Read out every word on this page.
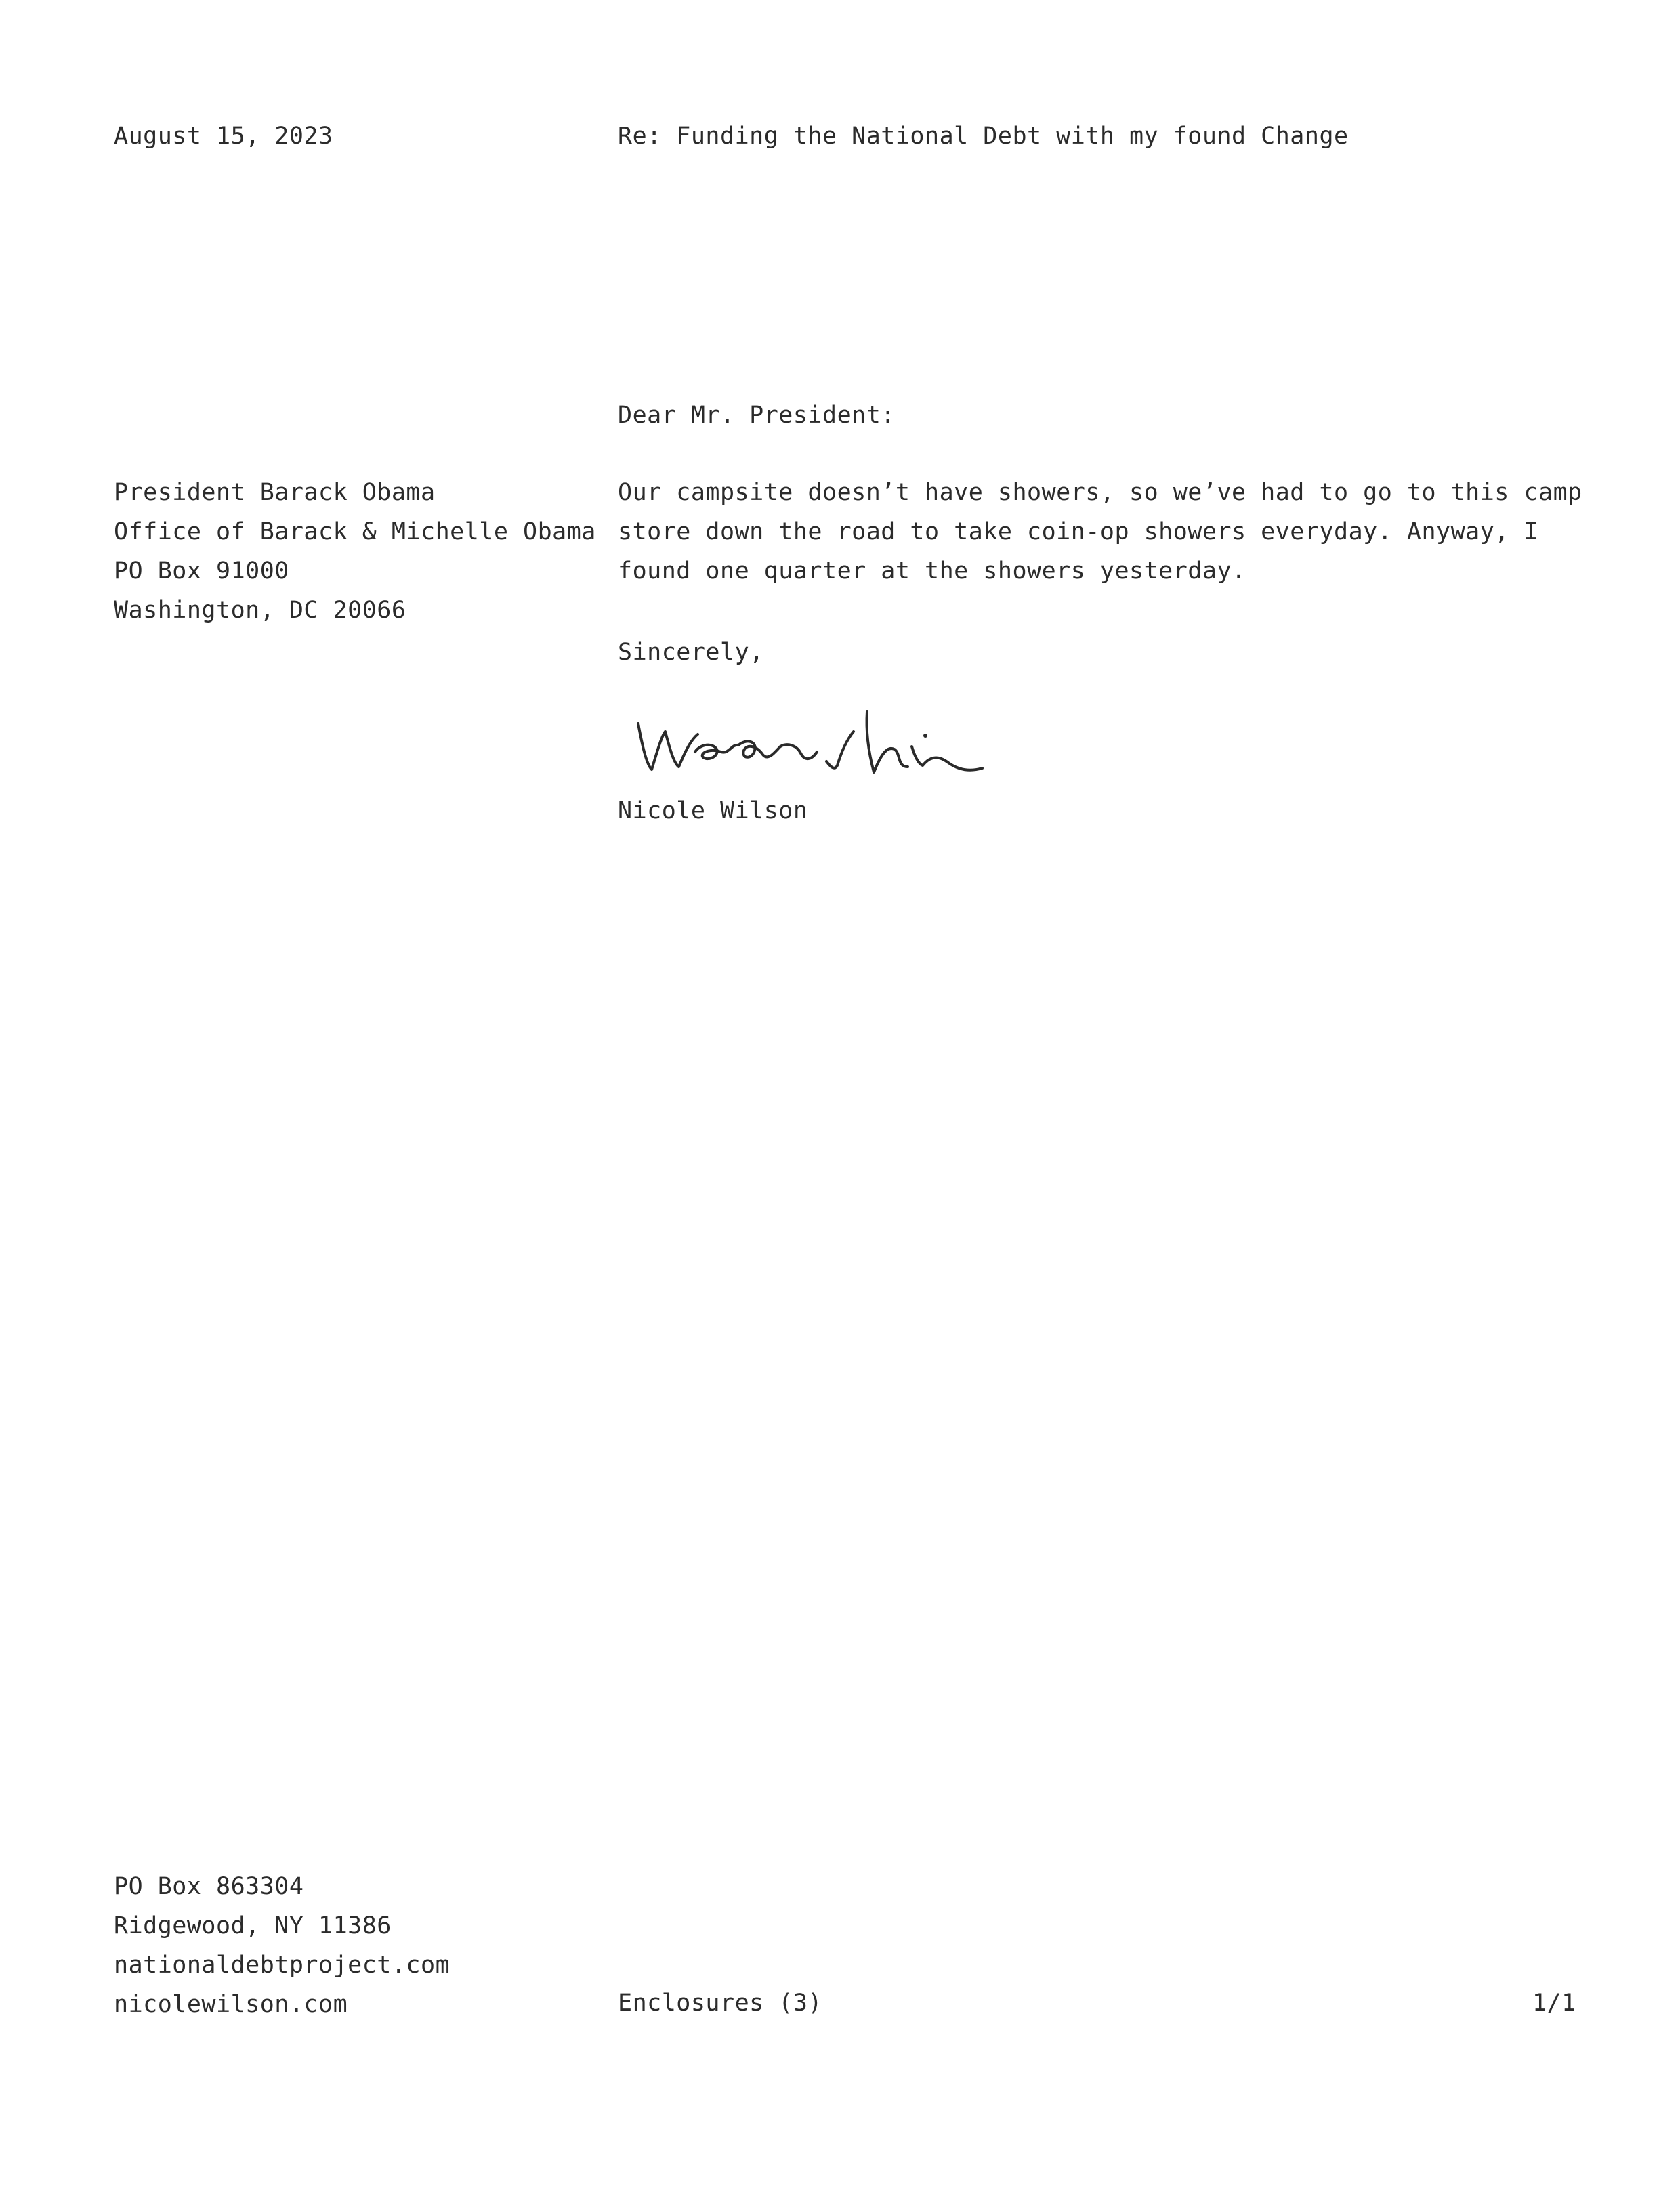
August 15, 2023	Re: Funding the National Debt with my found Change
Dear Mr. President:
President Barack Obama
Office of Barack & Michelle Obama
PO Box 91000
Washington, DC 20066
Our campsite doesn’t have showers, so we’ve had to go to this camp
store down the road to take coin-op showers everyday. Anyway, I
found one quarter at the showers yesterday.
Sincerely,
Nicole Wilson
PO Box 863304
Ridgewood, NY 11386
nationaldebtproject.com
nicolewilson.com	Enclosures (3)	1/1
